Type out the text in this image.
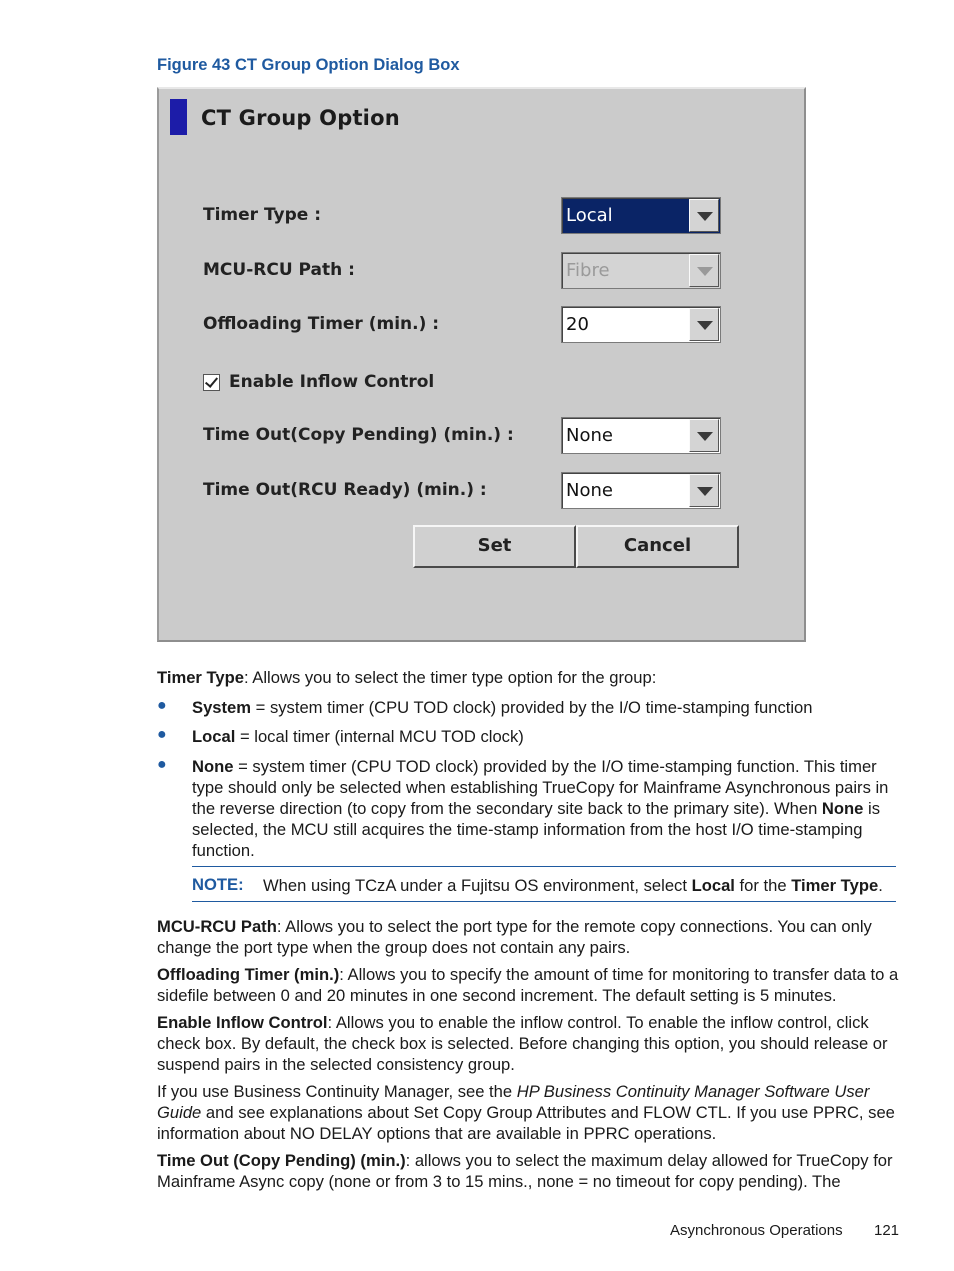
Figure 43 CT Group Option Dialog Box
CT Group Option
Timer Type :	Local
MCU-RCU Path :	Fibre
Offloading Timer (min.) :	20
Enable Inflow Control
Time Out(Copy Pending) (min.) :	None
Time Out(RCU Ready) (min.) :	None
Set	Cancel
Timer Type: Allows you to select the timer type option for the group:
● System = system timer (CPU TOD clock) provided by the I/O time-stamping function
● Local = local timer (internal MCU TOD clock)
● None = system timer (CPU TOD clock) provided by the I/O time-stamping function. This timer type should only be selected when establishing TrueCopy for Mainframe Asynchronous pairs in the reverse direction (to copy from the secondary site back to the primary site). When None is selected, the MCU still acquires the time-stamp information from the host I/O time-stamping function.
NOTE: When using TCzA under a Fujitsu OS environment, select Local for the Timer Type.
MCU-RCU Path: Allows you to select the port type for the remote copy connections. You can only change the port type when the group does not contain any pairs.
Offloading Timer (min.): Allows you to specify the amount of time for monitoring to transfer data to a sidefile between 0 and 20 minutes in one second increment. The default setting is 5 minutes.
Enable Inflow Control: Allows you to enable the inflow control. To enable the inflow control, click check box. By default, the check box is selected. Before changing this option, you should release or suspend pairs in the selected consistency group.
If you use Business Continuity Manager, see the HP Business Continuity Manager Software User Guide and see explanations about Set Copy Group Attributes and FLOW CTL. If you use PPRC, see information about NO DELAY options that are available in PPRC operations.
Time Out (Copy Pending) (min.): allows you to select the maximum delay allowed for TrueCopy for Mainframe Async copy (none or from 3 to 15 mins., none = no timeout for copy pending). The
Asynchronous Operations 121
